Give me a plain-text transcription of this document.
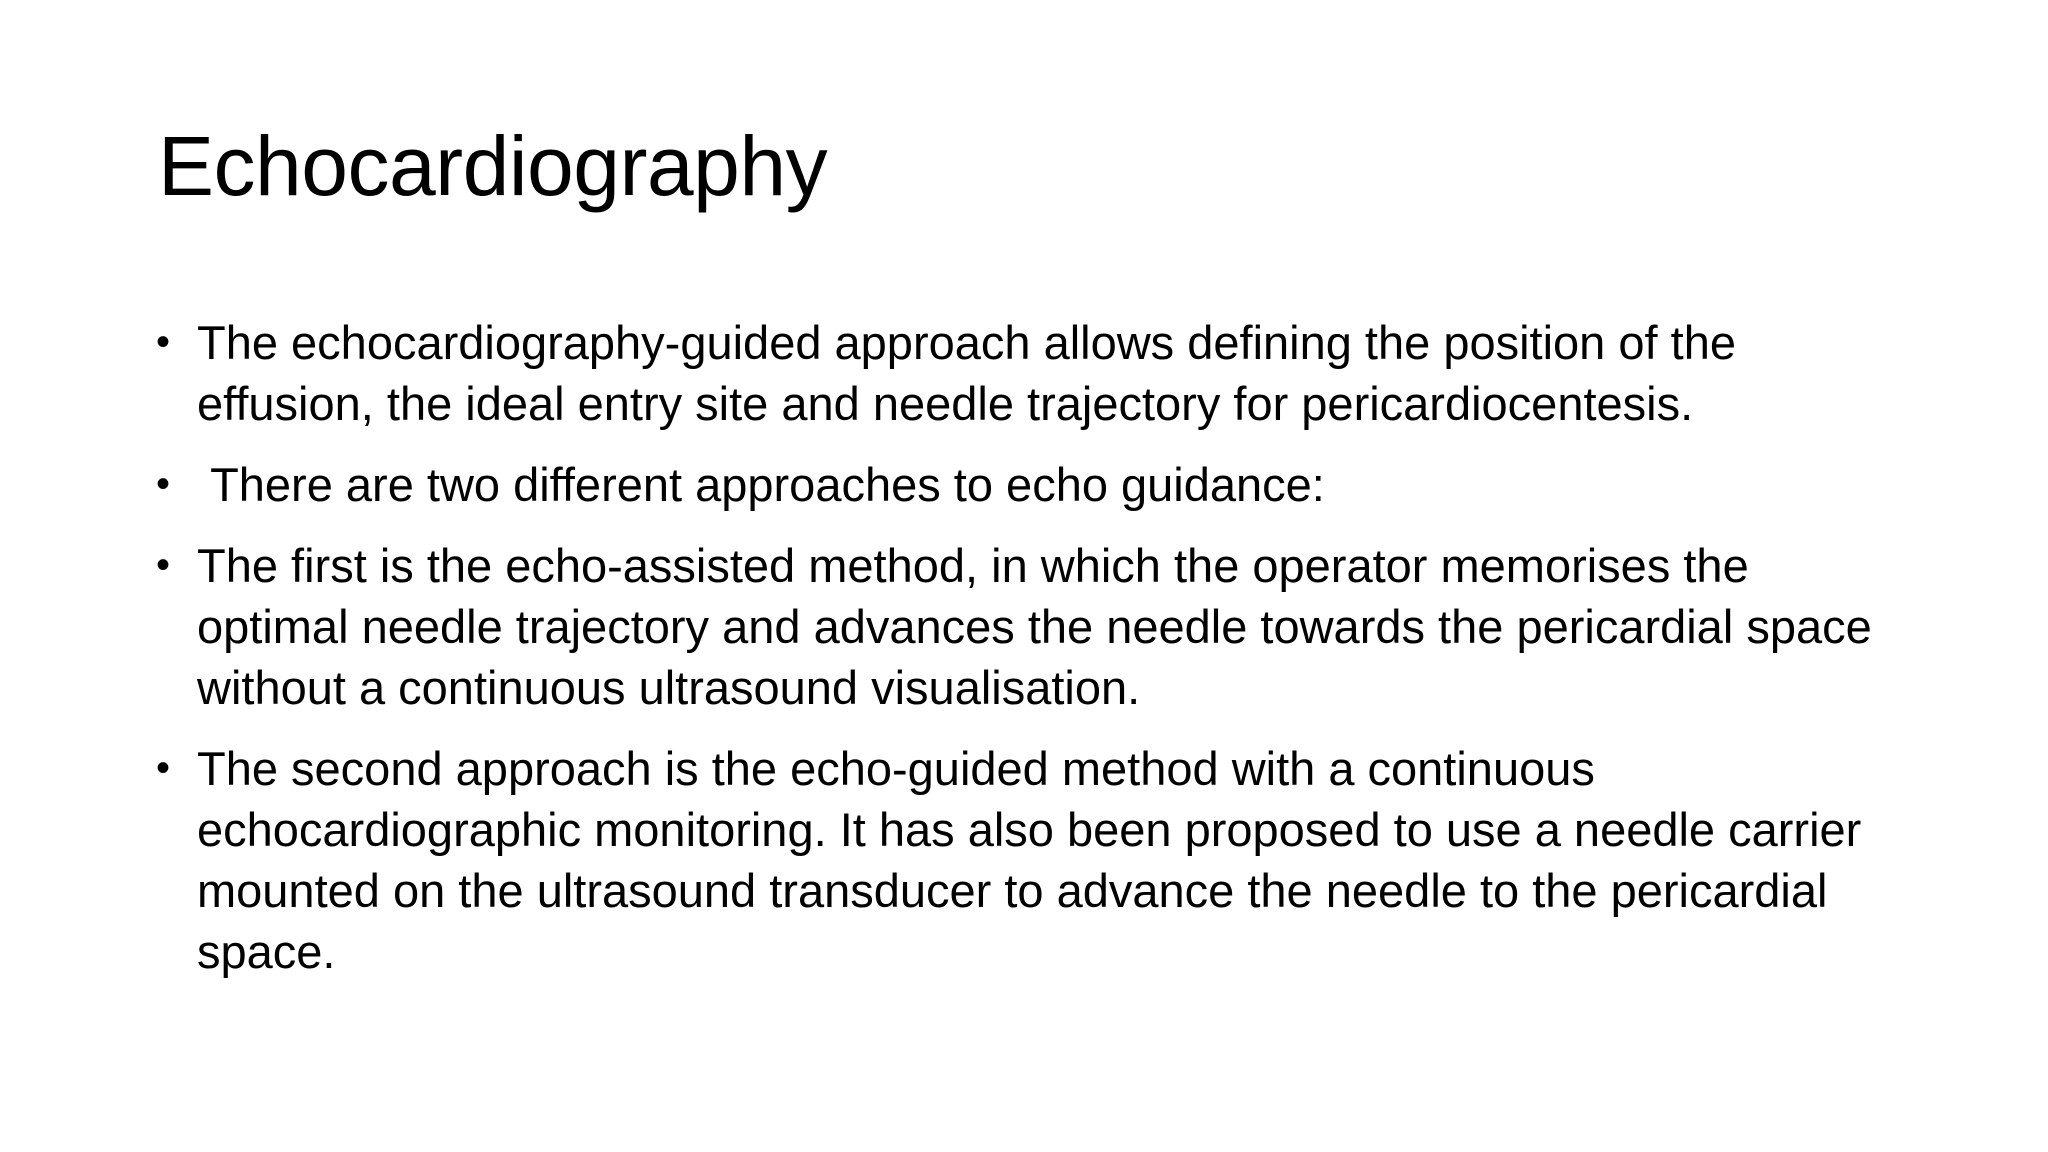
Echocardiography
• The echocardiography-guided approach allows defining the position of the effusion, the ideal entry site and needle trajectory for pericardiocentesis.
• There are two different approaches to echo guidance:
• The first is the echo-assisted method, in which the operator memorises the optimal needle trajectory and advances the needle towards the pericardial space without a continuous ultrasound visualisation.
• The second approach is the echo-guided method with a continuous echocardiographic monitoring. It has also been proposed to use a needle carrier mounted on the ultrasound transducer to advance the needle to the pericardial space.
